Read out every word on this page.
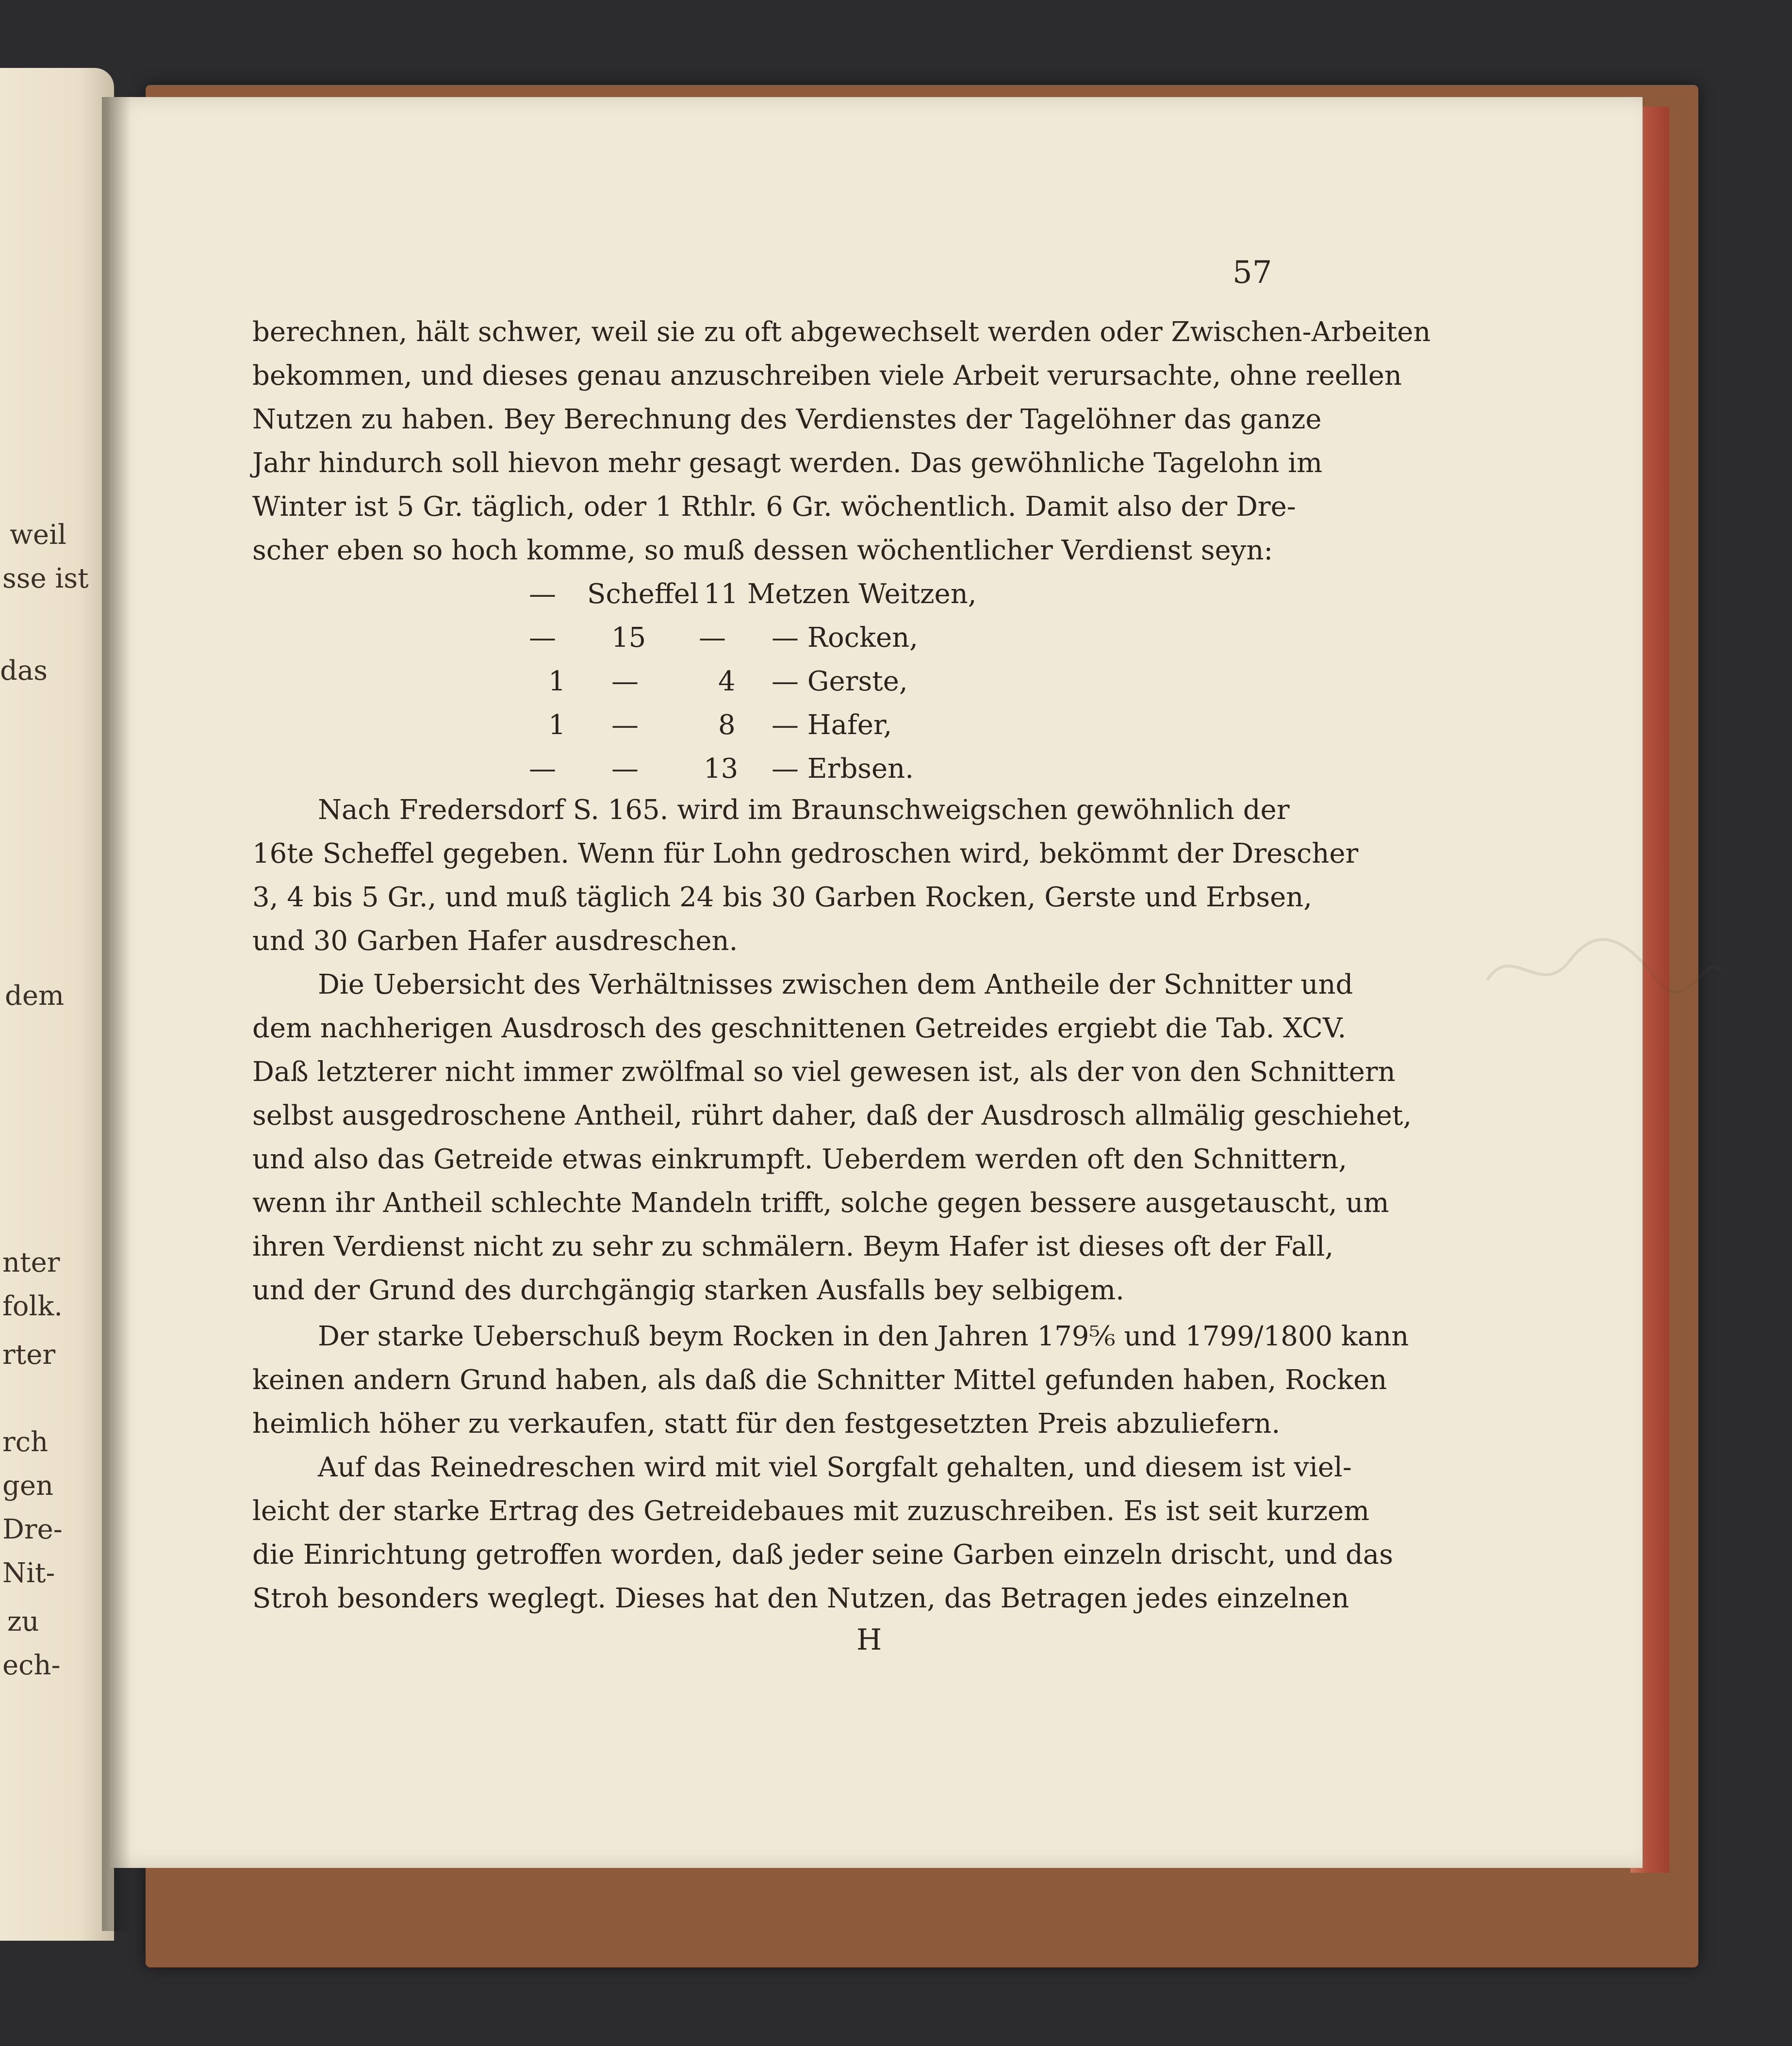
weil
sse ist
das
dem
nter
folk.
rter
rch
gen
Dre-
Nit-
zu
ech-
57
berechnen, hält schwer, weil sie zu oft abgewechselt werden oder Zwischen-Arbeiten
bekommen, und dieses genau anzuschreiben viele Arbeit verursachte, ohne reellen
Nutzen zu haben. Bey Berechnung des Verdienstes der Tagelöhner das ganze
Jahr hindurch soll hievon mehr gesagt werden. Das gewöhnliche Tagelohn im
Winter ist 5 Gr. täglich, oder 1 Rthlr. 6 Gr. wöchentlich. Damit also der Dre-
scher eben so hoch komme, so muß dessen wöchentlicher Verdienst seyn:
— Scheffel 11 Metzen Weitzen,
— 15 — — Rocken,
1 —	4 — Gerste,
1 —	8 — Hafer,
— — 13 — Erbsen.
Nach Fredersdorf S. 165. wird im Braunschweigschen gewöhnlich der
16te Scheffel gegeben. Wenn für Lohn gedroschen wird, bekömmt der Drescher
3, 4 bis 5 Gr., und muß täglich 24 bis 30 Garben Rocken, Gerste und Erbsen,
und 30 Garben Hafer ausdreschen.
Die Uebersicht des Verhältnisses zwischen dem Antheile der Schnitter und
dem nachherigen Ausdrosch des geschnittenen Getreides ergiebt die Tab. XCV.
Daß letzterer nicht immer zwölfmal so viel gewesen ist, als der von den Schnittern
selbst ausgedroschene Antheil, rührt daher, daß der Ausdrosch allmälig geschiehet,
und also das Getreide etwas einkrumpft. Ueberdem werden oft den Schnittern,
wenn ihr Antheil schlechte Mandeln trifft, solche gegen bessere ausgetauscht, um
ihren Verdienst nicht zu sehr zu schmälern. Beym Hafer ist dieses oft der Fall,
und der Grund des durchgängig starken Ausfalls bey selbigem.
Der starke Ueberschuß beym Rocken in den Jahren 179⅚ und 1799/1800 kann
keinen andern Grund haben, als daß die Schnitter Mittel gefunden haben, Rocken
heimlich höher zu verkaufen, statt für den festgesetzten Preis abzuliefern.
Auf das Reinedreschen wird mit viel Sorgfalt gehalten, und diesem ist viel-
leicht der starke Ertrag des Getreidebaues mit zuzuschreiben. Es ist seit kurzem
die Einrichtung getroffen worden, daß jeder seine Garben einzeln drischt, und das
Stroh besonders weglegt. Dieses hat den Nutzen, das Betragen jedes einzelnen
H
